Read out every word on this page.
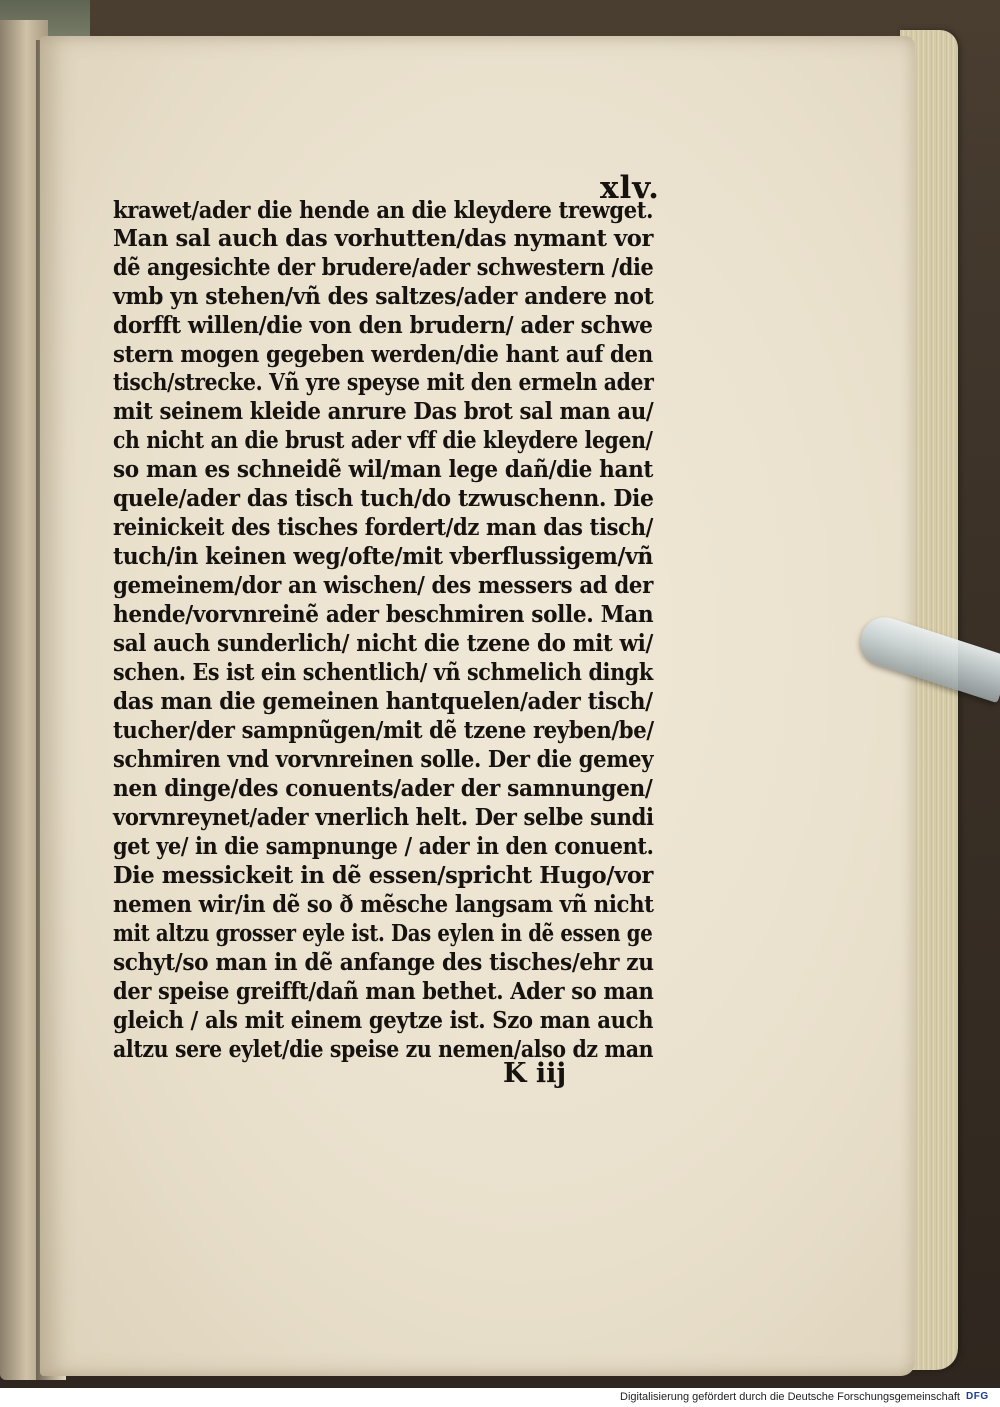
xlv.
krawet/ader die hende an die kleydere trewget.
Man sal auch das vorhutten/das nymant vor
dẽ angesichte der brudere/ader schwestern /die
vmb yn stehen/vñ des saltzes/ader andere not
dorfft willen/die von den brudern/ ader schwe
stern mogen gegeben werden/die hant auf den
tisch/strecke. Vñ yre speyse mit den ermeln ader
mit seinem kleide anrure Das brot sal man au/
ch nicht an die brust ader vff die kleydere legen/
so man es schneidẽ wil/man lege dañ/die hant
quele/ader das tisch tuch/do tzwuschenn. Die
reinickeit des tisches fordert/dz man das tisch/
tuch/in keinen weg/ofte/mit vberflussigem/vñ
gemeinem/dor an wischen/ des messers ad der
hende/vorvnreinẽ ader beschmiren solle. Man
sal auch sunderlich/ nicht die tzene do mit wi/
schen. Es ist ein schentlich/ vñ schmelich dingk
das man die gemeinen hantquelen/ader tisch/
tucher/der sampnũgen/mit dẽ tzene reyben/be/
schmiren vnd vorvnreinen solle. Der die gemey
nen dinge/des conuents/ader der samnungen/
vorvnreynet/ader vnerlich helt. Der selbe sundi
get ye/ in die sampnunge / ader in den conuent.
Die messickeit in dẽ essen/spricht Hugo/vor
nemen wir/in dẽ so ð mẽsche langsam vñ nicht
mit altzu grosser eyle ist. Das eylen in dẽ essen ge
schyt/so man in dẽ anfange des tisches/ehr zu
der speise greifft/dañ man bethet. Ader so man
gleich / als mit einem geytze ist. Szo man auch
altzu sere eylet/die speise zu nemen/also dz man
K iij
Digitalisierung gefördert durch die Deutsche Forschungsgemeinschaft DFG
